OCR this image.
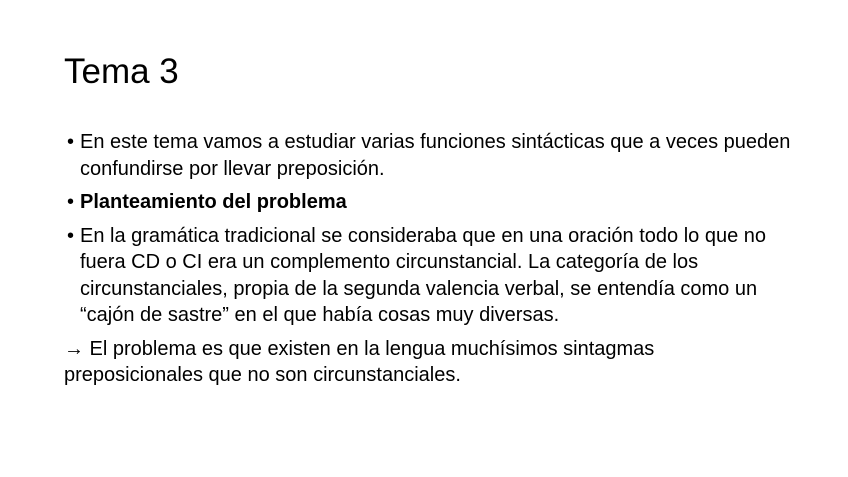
Tema 3
• En este tema vamos a estudiar varias funciones sintácticas que a veces pueden confundirse por llevar preposición.
• Planteamiento del problema
• En la gramática tradicional se consideraba que en una oración todo lo que no fuera CD o CI era un complemento circunstancial. La categoría de los circunstanciales, propia de la segunda valencia verbal, se entendía como un “cajón de sastre” en el que había cosas muy diversas.

→ El problema es que existen en la lengua muchísimos sintagmas preposicionales que no son circunstanciales.
